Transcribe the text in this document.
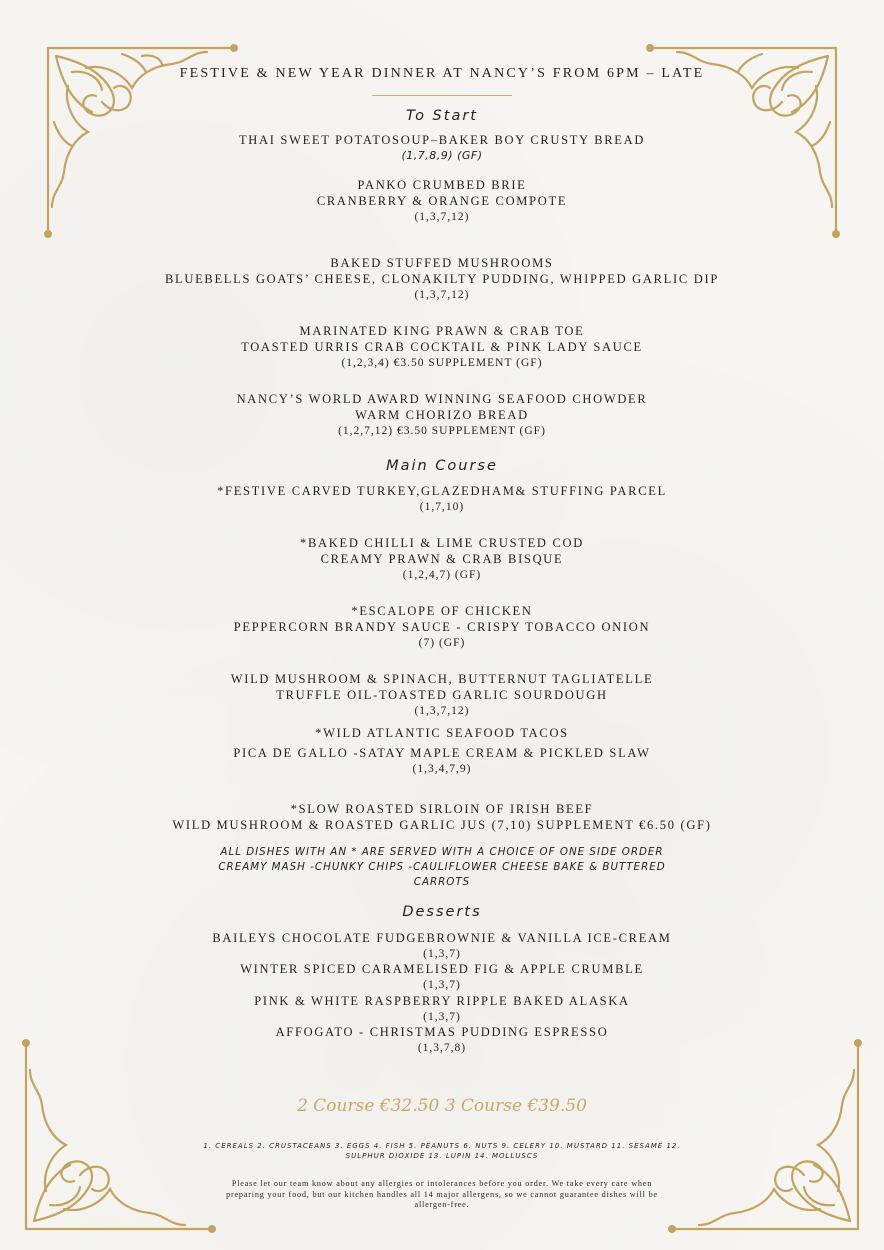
FESTIVE & NEW YEAR DINNER AT NANCY’S FROM 6PM – LATE
To Start
THAI SWEET POTATOSOUP–BAKER BOY CRUSTY BREAD
(1,7,8,9) (GF)
PANKO CRUMBED BRIE
CRANBERRY & ORANGE COMPOTE
(1,3,7,12)
BAKED STUFFED MUSHROOMS
BLUEBELLS GOATS’ CHEESE, CLONAKILTY PUDDING, WHIPPED GARLIC DIP
(1,3,7,12)
MARINATED KING PRAWN & CRAB TOE
TOASTED URRIS CRAB COCKTAIL & PINK LADY SAUCE
(1,2,3,4) €3.50 SUPPLEMENT (GF)
NANCY’S WORLD AWARD WINNING SEAFOOD CHOWDER
WARM CHORIZO BREAD
(1,2,7,12) €3.50 SUPPLEMENT (GF)
Main Course
*FESTIVE CARVED TURKEY,GLAZEDHAM& STUFFING PARCEL
(1,7,10)
*BAKED CHILLI & LIME CRUSTED COD
CREAMY PRAWN & CRAB BISQUE
(1,2,4,7) (GF)
*ESCALOPE OF CHICKEN
PEPPERCORN BRANDY SAUCE - CRISPY TOBACCO ONION
(7) (GF)
WILD MUSHROOM & SPINACH, BUTTERNUT TAGLIATELLE
TRUFFLE OIL-TOASTED GARLIC SOURDOUGH
(1,3,7,12)
*WILD ATLANTIC SEAFOOD TACOS
PICA DE GALLO -SATAY MAPLE CREAM & PICKLED SLAW
(1,3,4,7,9)
*SLOW ROASTED SIRLOIN OF IRISH BEEF
WILD MUSHROOM & ROASTED GARLIC JUS (7,10) SUPPLEMENT €6.50 (GF)
ALL DISHES WITH AN * ARE SERVED WITH A CHOICE OF ONE SIDE ORDER
CREAMY MASH -CHUNKY CHIPS -CAULIFLOWER CHEESE BAKE & BUTTERED
CARROTS
Desserts
BAILEYS CHOCOLATE FUDGEBROWNIE & VANILLA ICE-CREAM
(1,3,7)
WINTER SPICED CARAMELISED FIG & APPLE CRUMBLE
(1,3,7)
PINK & WHITE RASPBERRY RIPPLE BAKED ALASKA
(1,3,7)
AFFOGATO - CHRISTMAS PUDDING ESPRESSO
(1,3,7,8)
2 Course €32.50 3 Course €39.50
1. CEREALS 2. CRUSTACEANS 3. EGGS 4. FISH 5. PEANUTS 6. NUTS 9. CELERY 10. MUSTARD 11. SESAME 12.
SULPHUR DIOXIDE 13. LUPIN 14. MOLLUSCS
Please let our team know about any allergies or intolerances before you order. We take every care when
preparing your food, but our kitchen handles all 14 major allergens, so we cannot guarantee dishes will be
allergen-free.
